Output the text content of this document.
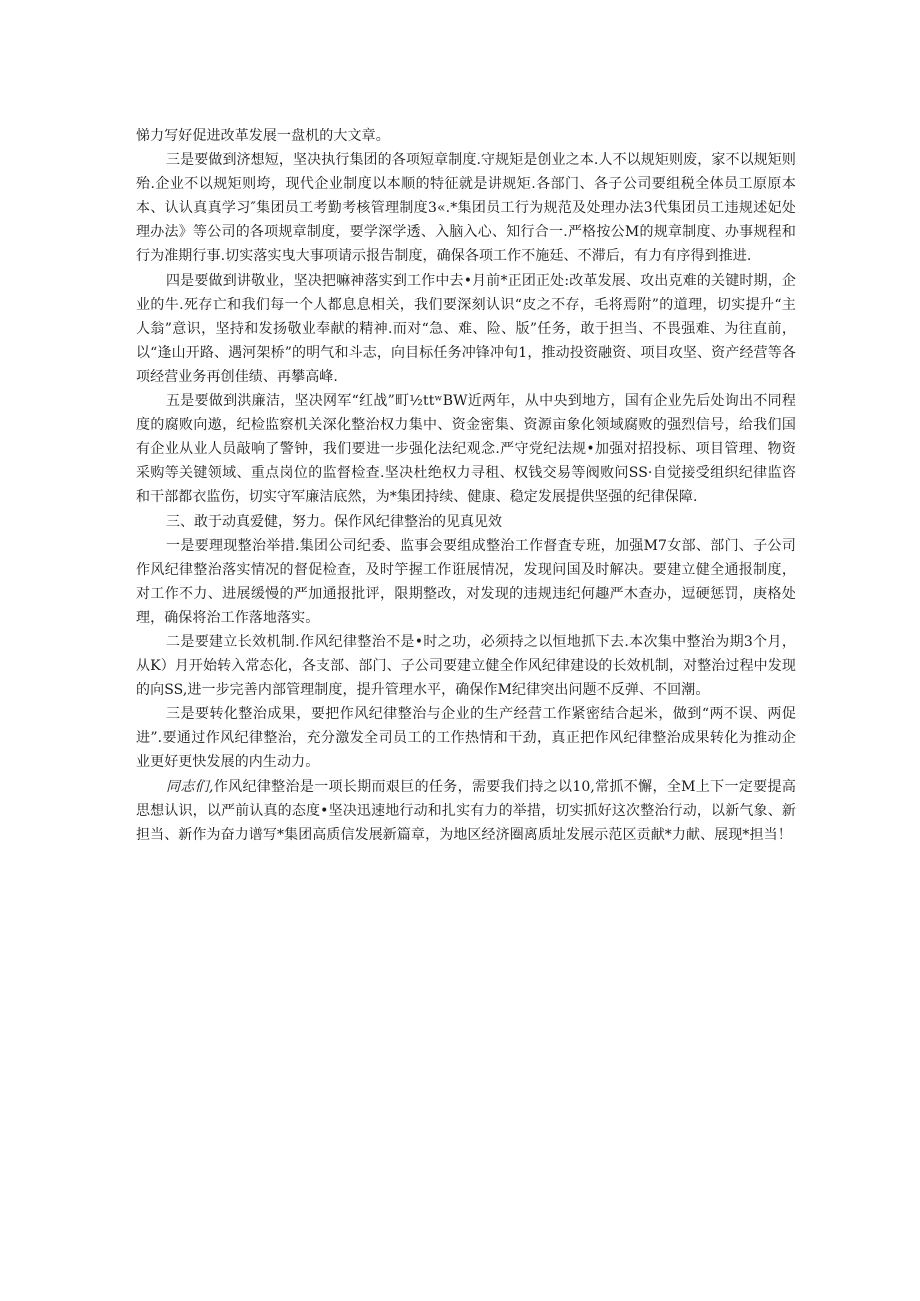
悌力写好促进改革发展一盘机的大文章。

三是要做到济想短，坚决执行集团的各项短章制度.守规矩是创业之本.人不以规矩则废，家不以规矩则殆.企业不以规矩则垮，现代企业制度以本顺的特征就是讲规矩.各部门、各子公司要组税全体员工原原本本、认认真真学习″集团员工考勤考核管理制度3«.*集团员工行为规范及处理办法3代集团员工违规述妃处理办法》等公司的各项规章制度，要学深学透、入脑入心、知行合一.严格按公M的规章制度、办事规程和行为准期行事.切实落实曳大事项请示报告制度，确保各项工作不施廷、不滞后，有力有序得到推进.

四是要做到讲敬业，坚决把嘛神落实到工作中去•月前*正团正处:改革发展、攻出克难的关键时期，企业的牛.死存亡和我们每一个人都息息相关，我们要深刻认识“皮之不存，毛将焉附”的道理，切实提升“主人翁”意识，坚持和发扬敬业奉献的精神.而对“急、难、险、版”任务，敢于担当、不畏强难、为往直前，以“逢山开路、遇河架桥”的明气和斗志，向目标任务冲锋冲旬1，推动投资融资、项目攻坚、资产经营等各项经营业务再创佳绩、再攀高峰.

五是要做到洪廉洁，坚决网军“红战”町½ttʷBW近两年，从中央到地方，国有企业先后处询出不同程度的腐败向遨，纪检监察机关深化整治权力集中、资金密集、资源亩象化领域腐败的强烈信号，给我们国有企业从业人员敲响了警钟，我们要进一步强化法纪观念.严守党纪法规•加强对招投标、项目管理、物资采购等关键领域、重点岗位的监督检查.坚决杜绝权力寻租、权钱交易等阀败问SS·自觉接受组织纪律监咨和干部都衣监伤，切实守军廉洁底然，为*集团持续、健康、稳定发展提供坚强的纪律保障.

三、敢于动真爱健，努力。保作风纪律整治的见真见效

一是要理现整治举措.集团公司纪委、监事会要组成整治工作督査专班，加强M7女部、部门、子公司作风纪律整治落实情况的督促检查，及时竽握工作诳展情况，发现问国及时解决。要建立健全通报制度，对工作不力、进展缓慢的严加通报批评，限期整改，对发现的违规违纪何趣严木查办，逗硬惩罚，庚格处理，确保将治工作落地落实。

二是要建立长效机制.作风纪律整治不是•时之功，必须持之以恒地抓下去.本次集中整治为期3个月，从K）月开始转入常态化，各支部、部门、子公司要建立健全作风纪律建设的长效机制，对整治过程中发现的向SS,进一步完善内部管理制度，提升管理水平，确保作M纪律突出问题不反弹、不回潮。

三是要转化整治成果，要把作风纪律整治与企业的生产经营工作紧密结合起米，做到“两不误、两促进”.要通过作风纪律整治，充分激发全司员工的工作热情和干劲，真正把作风纪律整治成果转化为推动企业更好更快发展的内生动力。

同志们,作风纪律整治是一项长期而艰巨的任务，需要我们持之以10,常抓不懈，全M上下一定要提高思想认识，以严前认真的态度•坚决迅速地行动和扎实有力的举措，切实抓好这次整治行动，以新气象、新担当、新作为奋力谱写*集团高质信发展新篇章，为地区经济圈离质址发展示范区贡献*力献、展现*担当！
